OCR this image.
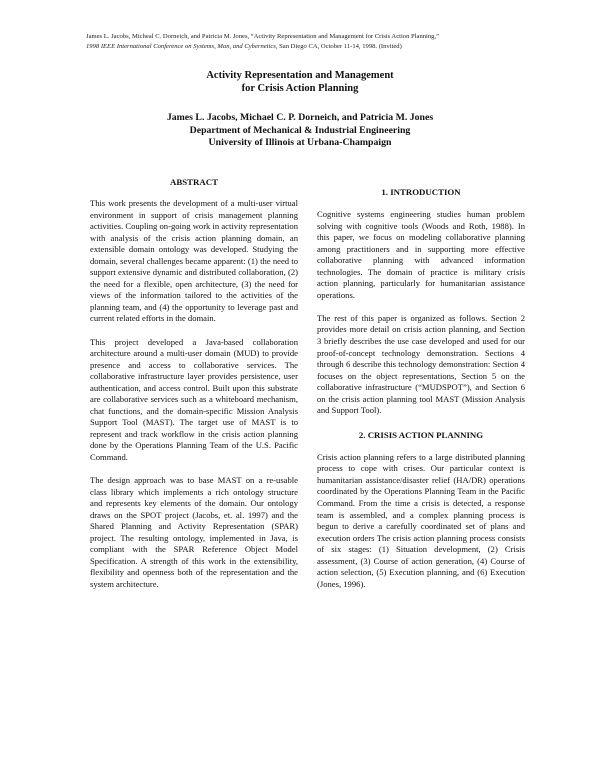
James L. Jacobs, Micheal C. Dorneich, and Patricia M. Jones, “Activity Representation and Management for Crisis Action Planning,”
1998 IEEE International Conference on Systems, Man, and Cybernetics, San Diego CA, October 11-14, 1998. (Invited)
Activity Representation and Management
for Crisis Action Planning
James L. Jacobs, Michael C. P. Dorneich, and Patricia M. Jones
Department of Mechanical & Industrial Engineering
University of Illinois at Urbana-Champaign
ABSTRACT

This work presents the development of a multi-user virtual environment in support of crisis management planning activities. Coupling on-going work in activity representation with analysis of the crisis action planning domain, an extensible domain ontology was developed. Studying the domain, several challenges became apparent: (1) the need to support extensive dynamic and distributed collaboration, (2) the need for a flexible, open architecture, (3) the need for views of the information tailored to the activities of the planning team, and (4) the opportunity to leverage past and current related efforts in the domain.

This project developed a Java-based collaboration architecture around a multi-user domain (MUD) to provide presence and access to collaborative services. The collaborative infrastructure layer provides persistence, user authentication, and access control. Built upon this substrate are collaborative services such as a whiteboard mechanism, chat functions, and the domain-specific Mission Analysis Support Tool (MAST). The target use of MAST is to represent and track workflow in the crisis action planning done by the Operations Planning Team of the U.S. Pacific Command.

The design approach was to base MAST on a re-usable class library which implements a rich ontology structure and represents key elements of the domain. Our ontology draws on the SPOT project (Jacobs, et. al. 1997) and the Shared Planning and Activity Representation (SPAR) project. The resulting ontology, implemented in Java, is compliant with the SPAR Reference Object Model Specification. A strength of this work in the extensibility, flexibility and openness both of the representation and the system architecture.

1. INTRODUCTION

Cognitive systems engineering studies human problem solving with cognitive tools (Woods and Roth, 1988). In this paper, we focus on modeling collaborative planning among practitioners and in supporting more effective collaborative planning with advanced information technologies. The domain of practice is military crisis action planning, particularly for humanitarian assistance operations.

The rest of this paper is organized as follows. Section 2 provides more detail on crisis action planning, and Section 3 briefly describes the use case developed and used for our proof-of-concept technology demonstration. Sections 4 through 6 describe this technology demonstration: Section 4 focuses on the object representations, Section 5 on the collaborative infrastructure (“MUDSPOT”), and Section 6 on the crisis action planning tool MAST (Mission Analysis and Support Tool).

2. CRISIS ACTION PLANNING

Crisis action planning refers to a large distributed planning process to cope with crises. Our particular context is humanitarian assistance/disaster relief (HA/DR) operations coordinated by the Operations Planning Team in the Pacific Command. From the time a crisis is detected, a response team is assembled, and a complex planning process is begun to derive a carefully coordinated set of plans and execution orders The crisis action planning process consists of six stages: (1) Situation development, (2) Crisis assessment, (3) Course of action generation, (4) Course of action selection, (5) Execution planning, and (6) Execution (Jones, 1996).
